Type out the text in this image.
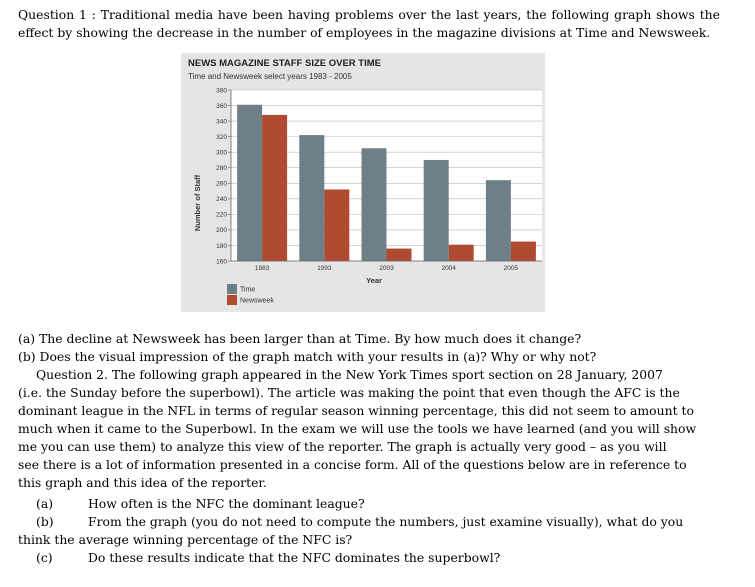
Question 1 : Traditional media have been having problems over the last years, the following graph shows the effect by showing the decrease in the number of employees in the magazine divisions at Time and Newsweek.

NEWS MAGAZINE STAFF SIZE OVER TIME
Time and Newsweek select years 1983 - 2005
160
180
200
220
240
260
280
300
320
340
360
380
1983	1993	2003	2004	2005
Year
Number of Staff
Time
Newsweek

(a) The decline at Newsweek has been larger than at Time. By how much does it change?

(b) Does the visual impression of the graph match with your results in (a)? Why or why not?

Question 2. The following graph appeared in the New York Times sport section on 28 January, 2007

(i.e. the Sunday before the superbowl). The article was making the point that even though the AFC is the

dominant league in the NFL in terms of regular season winning percentage, this did not seem to amount to

much when it came to the Superbowl. In the exam we will use the tools we have learned (and you will show

me you can use them) to analyze this view of the reporter. The graph is actually very good – as you will

see there is a lot of information presented in a concise form. All of the questions below are in reference to

this graph and this idea of the reporter.

(a)	How often is the NFC the dominant league?

(b)	From the graph (you do not need to compute the numbers, just examine visually), what do you

think the average winning percentage of the NFC is?

(c)	Do these results indicate that the NFC dominates the superbowl?
